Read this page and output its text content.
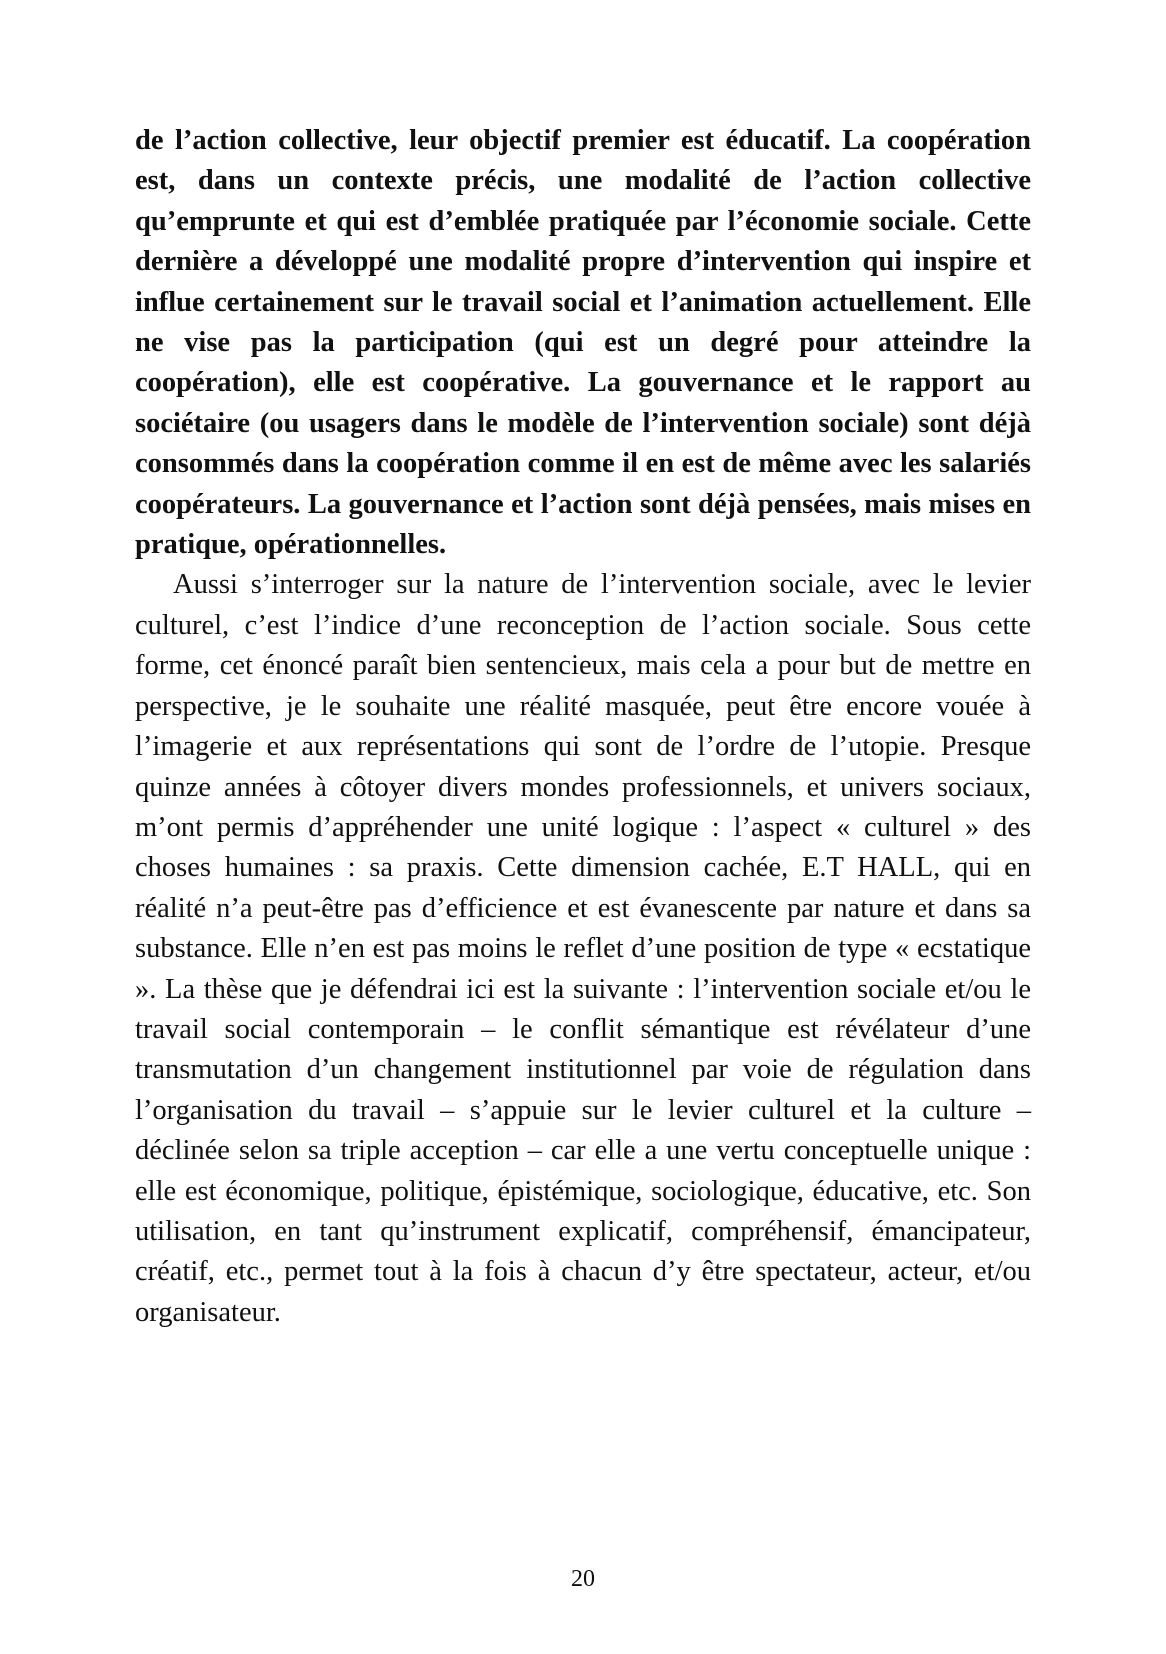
de l’action collective, leur objectif premier est éducatif. La coopération est, dans un contexte précis, une modalité de l’action collective qu’emprunte et qui est d’emblée pratiquée par l’économie sociale. Cette dernière a développé une modalité propre d’intervention qui inspire et influe certainement sur le travail social et l’animation actuellement. Elle ne vise pas la participation (qui est un degré pour atteindre la coopération), elle est coopérative. La gouvernance et le rapport au sociétaire (ou usagers dans le modèle de l’intervention sociale) sont déjà consommés dans la coopération comme il en est de même avec les salariés coopérateurs. La gouvernance et l’action sont déjà pensées, mais mises en pratique, opérationnelles.

Aussi s’interroger sur la nature de l’intervention sociale, avec le levier culturel, c’est l’indice d’une reconception de l’action sociale. Sous cette forme, cet énoncé paraît bien sentencieux, mais cela a pour but de mettre en perspective, je le souhaite une réalité masquée, peut être encore vouée à l’imagerie et aux représentations qui sont de l’ordre de l’utopie. Presque quinze années à côtoyer divers mondes professionnels, et univers sociaux, m’ont permis d’appréhender une unité logique : l’aspect « culturel » des choses humaines : sa praxis. Cette dimension cachée, E.T HALL, qui en réalité n’a peut-être pas d’efficience et est évanescente par nature et dans sa substance. Elle n’en est pas moins le reflet d’une position de type « ecstatique ». La thèse que je défendrai ici est la suivante : l’intervention sociale et/ou le travail social contemporain – le conflit sémantique est révélateur d’une transmutation d’un changement institutionnel par voie de régulation dans l’organisation du travail – s’appuie sur le levier culturel et la culture – déclinée selon sa triple acception – car elle a une vertu conceptuelle unique : elle est économique, politique, épistémique, sociologique, éducative, etc. Son utilisation, en tant qu’instrument explicatif, compréhensif, émancipateur, créatif, etc., permet tout à la fois à chacun d’y être spectateur, acteur, et/ou organisateur.

20
